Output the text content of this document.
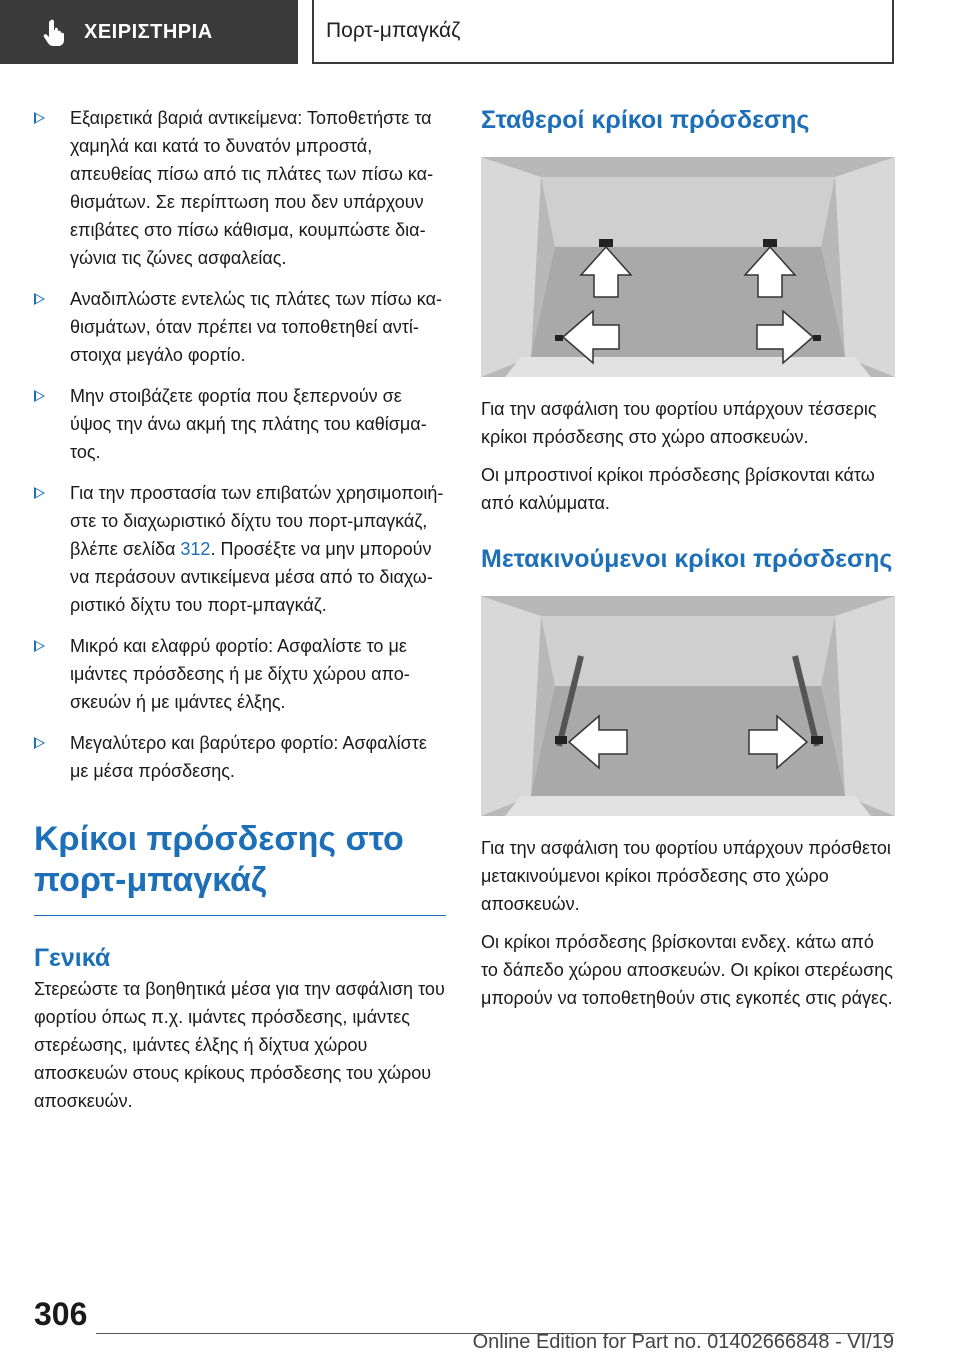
ΧΕΙΡΙΣΤΗΡΙΑ	Πορτ-μπαγκάζ
Εξαιρετικά βαριά αντικείμενα: Τοποθετήστε τα χαμηλά και κατά το δυνατόν μπροστά, απευθείας πίσω από τις πλάτες των πίσω καθισμάτων. Σε περίπτωση που δεν υπάρχουν επιβάτες στο πίσω κάθισμα, κουμπώστε διαγώνια τις ζώνες ασφαλείας.
Αναδιπλώστε εντελώς τις πλάτες των πίσω καθισμάτων, όταν πρέπει να τοποθετηθεί αντίστοιχα μεγάλο φορτίο.
Μην στοιβάζετε φορτία που ξεπερνούν σε ύψος την άνω ακμή της πλάτης του καθίσματος.
Για την προστασία των επιβατών χρησιμοποιήστε το διαχωριστικό δίχτυ του πορτ-μπαγκάζ, βλέπε σελίδα 312. Προσέξτε να μην μπορούν να περάσουν αντικείμενα μέσα από το διαχωριστικό δίχτυ του πορτ-μπαγκάζ.
Μικρό και ελαφρύ φορτίο: Ασφαλίστε το με ιμάντες πρόσδεσης ή με δίχτυ χώρου αποσκευών ή με ιμάντες έλξης.
Μεγαλύτερο και βαρύτερο φορτίο: Ασφαλίστε με μέσα πρόσδεσης.
Κρίκοι πρόσδεσης στο πορτ-μπαγκάζ
Γενικά

Στερεώστε τα βοηθητικά μέσα για την ασφάλιση του φορτίου όπως π.χ. ιμάντες πρόσδεσης, ιμάντες στερέωσης, ιμάντες έλξης ή δίχτυα χώρου αποσκευών στους κρίκους πρόσδεσης του χώρου αποσκευών.

Σταθεροί κρίκοι πρόσδεσης

Για την ασφάλιση του φορτίου υπάρχουν τέσσερις κρίκοι πρόσδεσης στο χώρο αποσκευών.

Οι μπροστινοί κρίκοι πρόσδεσης βρίσκονται κάτω από καλύμματα.

Μετακινούμενοι κρίκοι πρόσδεσης

Για την ασφάλιση του φορτίου υπάρχουν πρόσθετοι μετακινούμενοι κρίκοι πρόσδεσης στο χώρο αποσκευών.

Οι κρίκοι πρόσδεσης βρίσκονται ενδεχ. κάτω από το δάπεδο χώρου αποσκευών. Οι κρίκοι στερέωσης μπορούν να τοποθετηθούν στις εγκοπές στις ράγες.

306
Online Edition for Part no. 01402666848 - VI/19
